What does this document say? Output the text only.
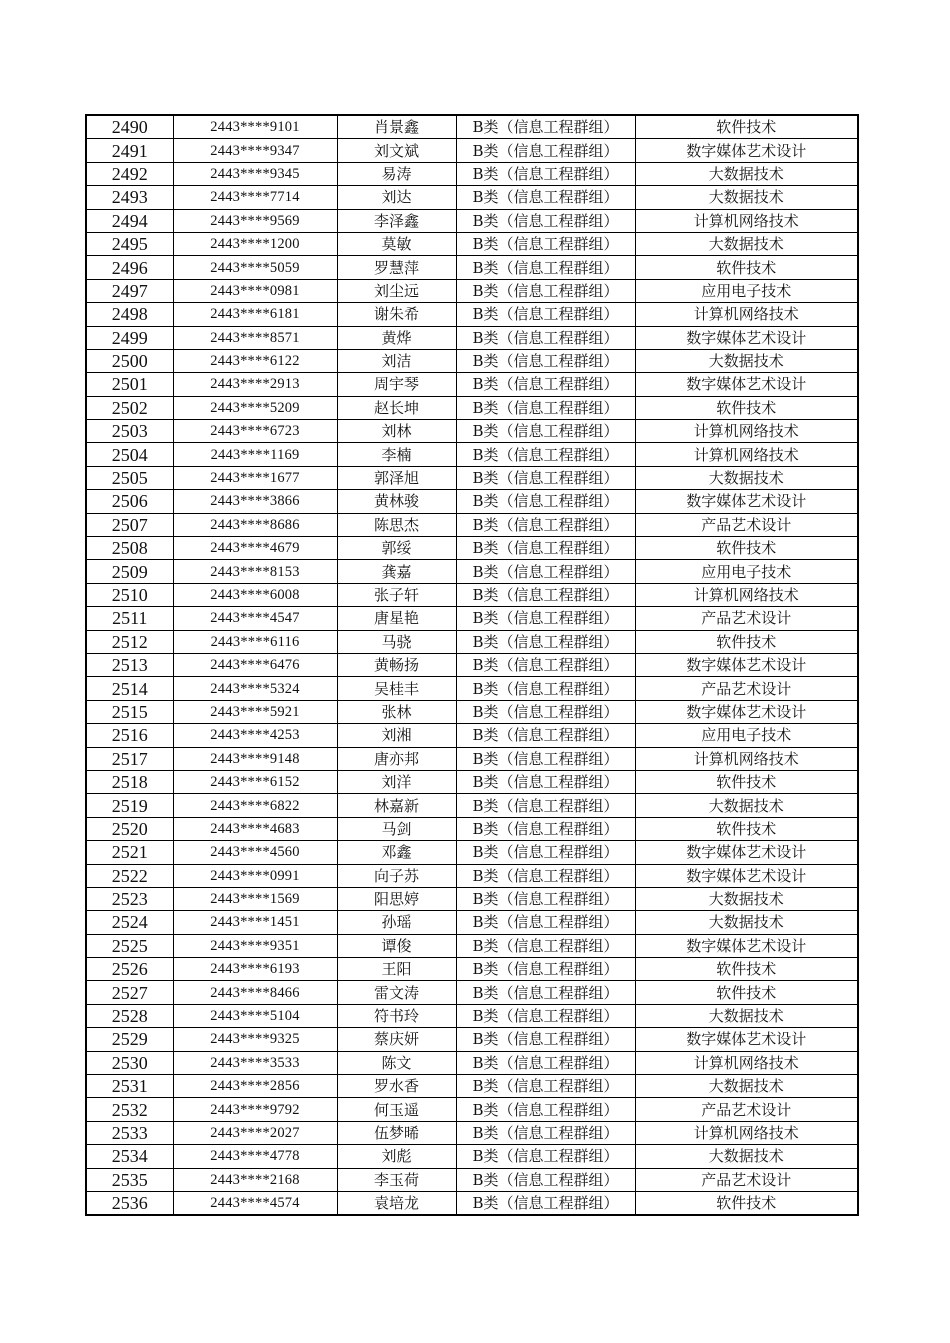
2490	2443****9101	肖景鑫	B类（信息工程群组）	软件技术
2491	2443****9347	刘文斌	B类（信息工程群组）	数字媒体艺术设计
2492	2443****9345	易涛	B类（信息工程群组）	大数据技术
2493	2443****7714	刘达	B类（信息工程群组）	大数据技术
2494	2443****9569	李泽鑫	B类（信息工程群组）	计算机网络技术
2495	2443****1200	莫敏	B类（信息工程群组）	大数据技术
2496	2443****5059	罗慧萍	B类（信息工程群组）	软件技术
2497	2443****0981	刘尘远	B类（信息工程群组）	应用电子技术
2498	2443****6181	谢朱希	B类（信息工程群组）	计算机网络技术
2499	2443****8571	黄烨	B类（信息工程群组）	数字媒体艺术设计
2500	2443****6122	刘洁	B类（信息工程群组）	大数据技术
2501	2443****2913	周宇琴	B类（信息工程群组）	数字媒体艺术设计
2502	2443****5209	赵长坤	B类（信息工程群组）	软件技术
2503	2443****6723	刘林	B类（信息工程群组）	计算机网络技术
2504	2443****1169	李楠	B类（信息工程群组）	计算机网络技术
2505	2443****1677	郭泽旭	B类（信息工程群组）	大数据技术
2506	2443****3866	黄林骏	B类（信息工程群组）	数字媒体艺术设计
2507	2443****8686	陈思杰	B类（信息工程群组）	产品艺术设计
2508	2443****4679	郭绥	B类（信息工程群组）	软件技术
2509	2443****8153	龚嘉	B类（信息工程群组）	应用电子技术
2510	2443****6008	张子轩	B类（信息工程群组）	计算机网络技术
2511	2443****4547	唐星艳	B类（信息工程群组）	产品艺术设计
2512	2443****6116	马骁	B类（信息工程群组）	软件技术
2513	2443****6476	黄畅扬	B类（信息工程群组）	数字媒体艺术设计
2514	2443****5324	吴桂丰	B类（信息工程群组）	产品艺术设计
2515	2443****5921	张林	B类（信息工程群组）	数字媒体艺术设计
2516	2443****4253	刘湘	B类（信息工程群组）	应用电子技术
2517	2443****9148	唐亦邦	B类（信息工程群组）	计算机网络技术
2518	2443****6152	刘洋	B类（信息工程群组）	软件技术
2519	2443****6822	林嘉新	B类（信息工程群组）	大数据技术
2520	2443****4683	马剑	B类（信息工程群组）	软件技术
2521	2443****4560	邓鑫	B类（信息工程群组）	数字媒体艺术设计
2522	2443****0991	向子苏	B类（信息工程群组）	数字媒体艺术设计
2523	2443****1569	阳思婷	B类（信息工程群组）	大数据技术
2524	2443****1451	孙瑶	B类（信息工程群组）	大数据技术
2525	2443****9351	谭俊	B类（信息工程群组）	数字媒体艺术设计
2526	2443****6193	王阳	B类（信息工程群组）	软件技术
2527	2443****8466	雷文涛	B类（信息工程群组）	软件技术
2528	2443****5104	符书玲	B类（信息工程群组）	大数据技术
2529	2443****9325	蔡庆妍	B类（信息工程群组）	数字媒体艺术设计
2530	2443****3533	陈文	B类（信息工程群组）	计算机网络技术
2531	2443****2856	罗水香	B类（信息工程群组）	大数据技术
2532	2443****9792	何玉遥	B类（信息工程群组）	产品艺术设计
2533	2443****2027	伍梦晞	B类（信息工程群组）	计算机网络技术
2534	2443****4778	刘彪	B类（信息工程群组）	大数据技术
2535	2443****2168	李玉荷	B类（信息工程群组）	产品艺术设计
2536	2443****4574	袁培龙	B类（信息工程群组）	软件技术
